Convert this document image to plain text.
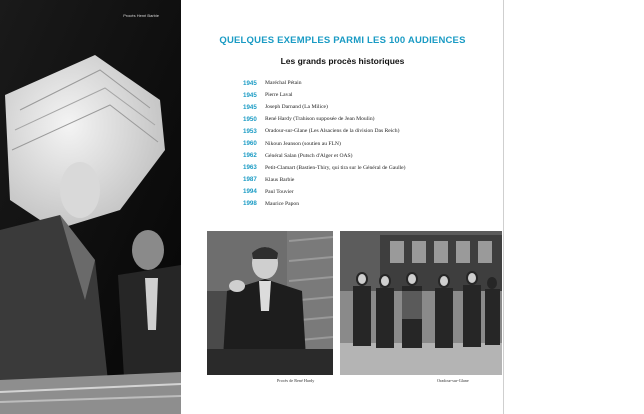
Procès Henri Barbie
QUELQUES EXEMPLES PARMI LES 100 AUDIENCES
Les grands procès historiques
1945	Maréchal Pétain
1945	Pierre Laval
1945	Joseph Darnand (La Milice)
1950	René Hardy (Trahison supposée de Jean Moulin)
1953	Oradour-sur-Glane (Les Alsaciens de la division Das Reich)
1960	Nikoun Jeanson (soutien au FLN)
1962	Général Salan (Putsch d'Alger et OAS)
1963	Petit-Clamart (Bastien-Thiry, qui tira sur le Général de Gaulle)
1987	Klaus Barbie
1994	Paul Touvier
1998	Maurice Papon
Procès de René Hardy	Oradour-sur-Glane
